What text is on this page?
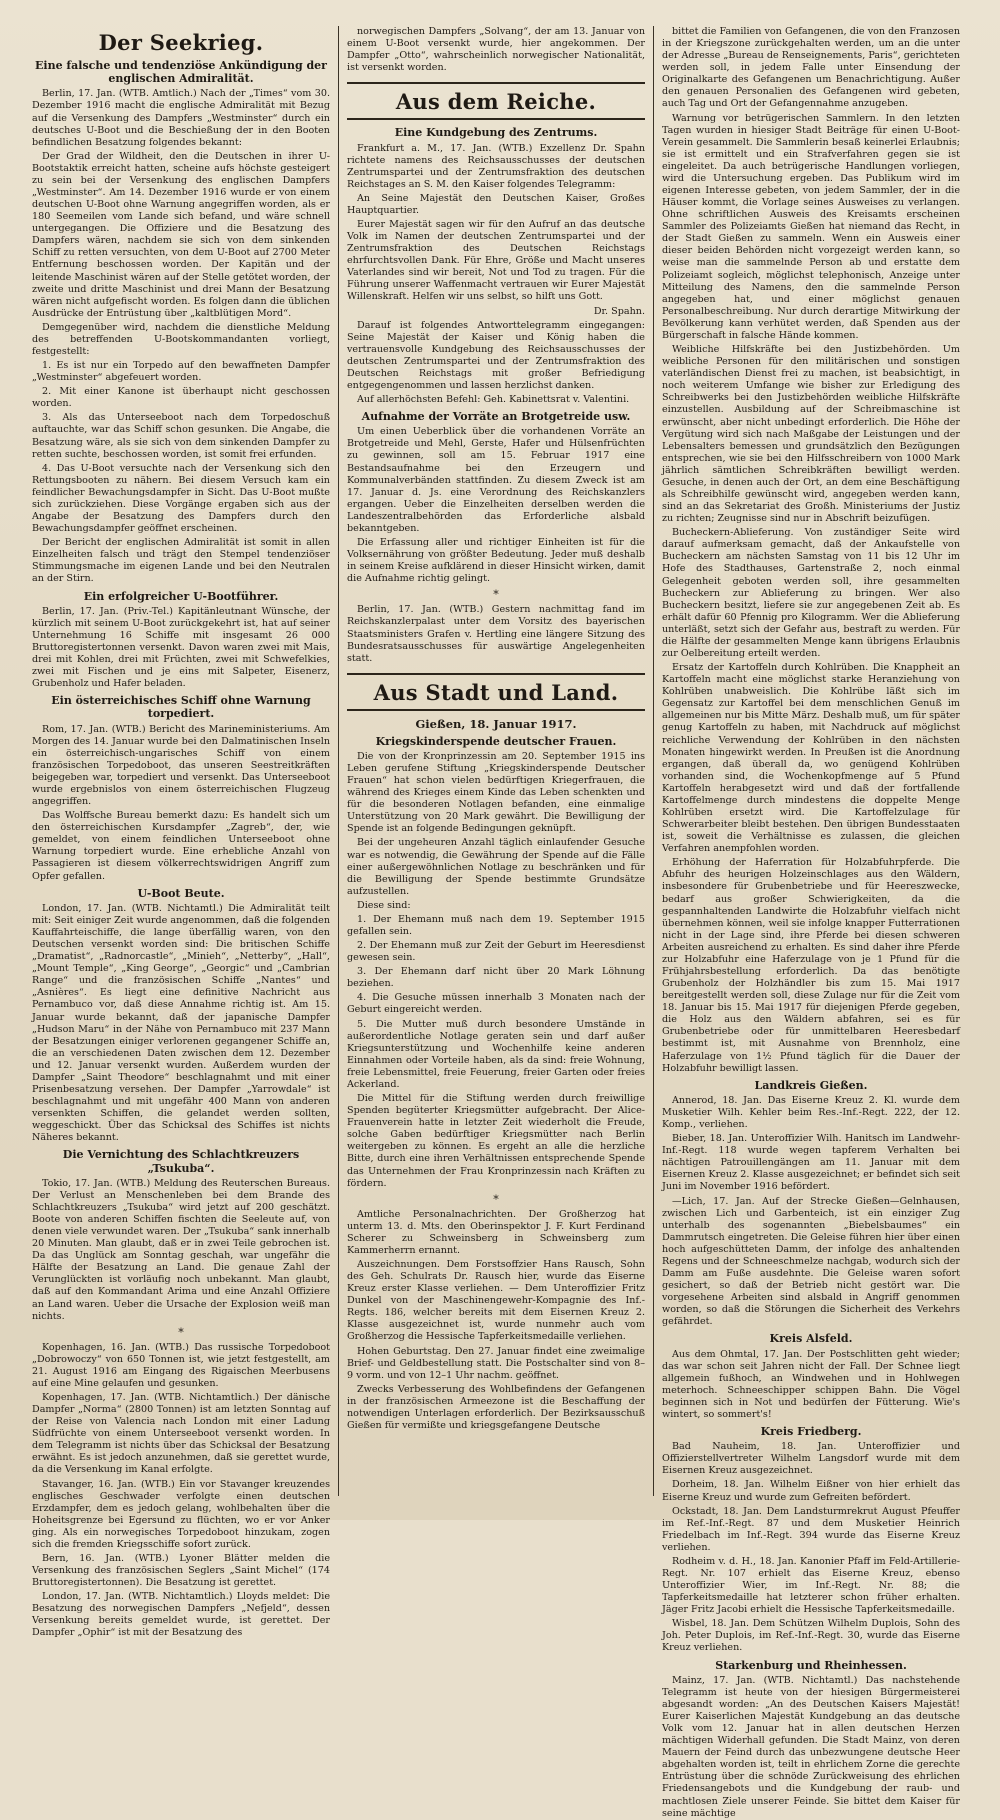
Der Seekrieg.
Eine falsche und tendenziöse Ankündigung der englischen Admiralität.

Berlin, 17. Jan. (WTB. Amtlich.) Nach der „Times“ vom 30. Dezember 1916 macht die englische Admiralität mit Bezug auf die Versenkung des Dampfers „Westminster“ durch ein deutsches U-Boot und die Beschießung der in den Booten befindlichen Besatzung folgendes bekannt:

Der Grad der Wildheit, den die Deutschen in ihrer U-Bootstaktik erreicht hatten, scheine aufs höchste gesteigert zu sein bei der Versenkung des englischen Dampfers „Westminster“. Am 14. Dezember 1916 wurde er von einem deutschen U-Boot ohne Warnung angegriffen worden, als er 180 Seemeilen vom Lande sich befand, und wäre schnell untergegangen. Die Offiziere und die Besatzung des Dampfers wären, nachdem sie sich von dem sinkenden Schiff zu retten versuchten, von dem U-Boot auf 2700 Meter Entfernung beschossen worden. Der Kapitän und der leitende Maschinist wären auf der Stelle getötet worden, der zweite und dritte Maschinist und drei Mann der Besatzung wären nicht aufgefischt worden. Es folgen dann die üblichen Ausdrücke der Entrüstung über „kaltblütigen Mord“.

Demgegenüber wird, nachdem die dienstliche Meldung des betreffenden U-Bootskommandanten vorliegt, festgestellt:

1. Es ist nur ein Torpedo auf den bewaffneten Dampfer „Westminster“ abgefeuert worden.

2. Mit einer Kanone ist überhaupt nicht geschossen worden.

3. Als das Unterseeboot nach dem Torpedoschuß auftauchte, war das Schiff schon gesunken. Die Angabe, die Besatzung wäre, als sie sich von dem sinkenden Dampfer zu retten suchte, beschossen worden, ist somit frei erfunden.

4. Das U-Boot versuchte nach der Versenkung sich den Rettungsbooten zu nähern. Bei diesem Versuch kam ein feindlicher Bewachungsdampfer in Sicht. Das U-Boot mußte sich zurückziehen. Diese Vorgänge ergaben sich aus der Angabe der Besatzung des Dampfers durch den Bewachungsdampfer geöffnet erscheinen.

Der Bericht der englischen Admiralität ist somit in allen Einzelheiten falsch und trägt den Stempel tendenziöser Stimmungsmache im eigenen Lande und bei den Neutralen an der Stirn.

Ein erfolgreicher U-Bootführer.

Berlin, 17. Jan. (Priv.-Tel.) Kapitänleutnant Wünsche, der kürzlich mit seinem U-Boot zurückgekehrt ist, hat auf seiner Unternehmung 16 Schiffe mit insgesamt 26 000 Bruttoregistertonnen versenkt. Davon waren zwei mit Mais, drei mit Kohlen, drei mit Früchten, zwei mit Schwefelkies, zwei mit Fischen und je eins mit Salpeter, Eisenerz, Grubenholz und Hafer beladen.

Ein österreichisches Schiff ohne Warnung torpediert.

Rom, 17. Jan. (WTB.) Bericht des Marineministeriums. Am Morgen des 14. Januar wurde bei den Dalmatinischen Inseln ein österreichisch-ungarisches Schiff von einem französischen Torpedoboot, das unseren Seestreitkräften beigegeben war, torpediert und versenkt. Das Unterseeboot wurde ergebnislos von einem österreichischen Flugzeug angegriffen.

Das Wolffsche Bureau bemerkt dazu: Es handelt sich um den österreichischen Kursdampfer „Zagreb“, der, wie gemeldet, von einem feindlichen Unterseeboot ohne Warnung torpediert wurde. Eine erhebliche Anzahl von Passagieren ist diesem völkerrechtswidrigen Angriff zum Opfer gefallen.

U-Boot Beute.

London, 17. Jan. (WTB. Nichtamtl.) Die Admiralität teilt mit: Seit einiger Zeit wurde angenommen, daß die folgenden Kauffahrteischiffe, die lange überfällig waren, von den Deutschen versenkt worden sind: Die britischen Schiffe „Dramatist“, „Radnorcastle“, „Minieh“, „Netterby“, „Hall“, „Mount Temple“, „King George“, „Georgic“ und „Cambrian Range“ und die französischen Schiffe „Nantes“ und „Asnières“. Es liegt eine definitive Nachricht aus Pernambuco vor, daß diese Annahme richtig ist. Am 15. Januar wurde bekannt, daß der japanische Dampfer „Hudson Maru“ in der Nähe von Pernambuco mit 237 Mann der Besatzungen einiger verlorenen gegangener Schiffe an, die an verschiedenen Daten zwischen dem 12. Dezember und 12. Januar versenkt wurden. Außerdem wurden der Dampfer „Saint Theodore“ beschlagnahmt und mit einer Prisenbesatzung versehen. Der Dampfer „Yarrowdale“ ist beschlagnahmt und mit ungefähr 400 Mann von anderen versenkten Schiffen, die gelandet werden sollten, weggeschickt. Über das Schicksal des Schiffes ist nichts Näheres bekannt.

Die Vernichtung des Schlachtkreuzers „Tsukuba“.

Tokio, 17. Jan. (WTB.) Meldung des Reuterschen Bureaus. Der Verlust an Menschenleben bei dem Brande des Schlachtkreuzers „Tsukuba“ wird jetzt auf 200 geschätzt. Boote von anderen Schiffen fischten die Seeleute auf, von denen viele verwundet waren. Der „Tsukuba“ sank innerhalb 20 Minuten. Man glaubt, daß er in zwei Teile gebrochen ist. Da das Unglück am Sonntag geschah, war ungefähr die Hälfte der Besatzung an Land. Die genaue Zahl der Verunglückten ist vorläufig noch unbekannt. Man glaubt, daß auf den Kommandant Arima und eine Anzahl Offiziere an Land waren. Ueber die Ursache der Explosion weiß man nichts.

*

Kopenhagen, 16. Jan. (WTB.) Das russische Torpedoboot „Dobrowoczy“ von 650 Tonnen ist, wie jetzt festgestellt, am 21. August 1916 am Eingang des Rigaischen Meerbusens auf eine Mine gelaufen und gesunken.

Kopenhagen, 17. Jan. (WTB. Nichtamtlich.) Der dänische Dampfer „Norma“ (2800 Tonnen) ist am letzten Sonntag auf der Reise von Valencia nach London mit einer Ladung Südfrüchte von einem Unterseeboot versenkt worden. In dem Telegramm ist nichts über das Schicksal der Besatzung erwähnt. Es ist jedoch anzunehmen, daß sie gerettet wurde, da die Versenkung im Kanal erfolgte.

Stavanger, 16. Jan. (WTB.) Ein vor Stavanger kreuzendes englisches Geschwader verfolgte einen deutschen Erzdampfer, dem es jedoch gelang, wohlbehalten über die Hoheitsgrenze bei Egersund zu flüchten, wo er vor Anker ging. Als ein norwegisches Torpedoboot hinzukam, zogen sich die fremden Kriegsschiffe sofort zurück.

Bern, 16. Jan. (WTB.) Lyoner Blätter melden die Versenkung des französischen Seglers „Saint Michel“ (174 Bruttoregistertonnen). Die Besatzung ist gerettet.

London, 17. Jan. (WTB. Nichtamtlich.) Lloyds meldet: Die Besatzung des norwegischen Dampfers „Nefjeld“, dessen Versenkung bereits gemeldet wurde, ist gerettet. Der Dampfer „Ophir“ ist mit der Besatzung des

norwegischen Dampfers „Solvang“, der am 13. Januar von einem U-Boot versenkt wurde, hier angekommen. Der Dampfer „Otto“, wahrscheinlich norwegischer Nationalität, ist versenkt worden.

Aus dem Reiche.
Eine Kundgebung des Zentrums.

Frankfurt a. M., 17. Jan. (WTB.) Exzellenz Dr. Spahn richtete namens des Reichsausschusses der deutschen Zentrumspartei und der Zentrumsfraktion des deutschen Reichstages an S. M. den Kaiser folgendes Telegramm:

An Seine Majestät den Deutschen Kaiser, Großes Hauptquartier.

Eurer Majestät sagen wir für den Aufruf an das deutsche Volk im Namen der deutschen Zentrumspartei und der Zentrumsfraktion des Deutschen Reichstags ehrfurchtsvollen Dank. Für Ehre, Größe und Macht unseres Vaterlandes sind wir bereit, Not und Tod zu tragen. Für die Führung unserer Waffenmacht vertrauen wir Eurer Majestät Willenskraft. Helfen wir uns selbst, so hilft uns Gott.

Dr. Spahn.

Darauf ist folgendes Antworttelegramm eingegangen: Seine Majestät der Kaiser und König haben die vertrauensvolle Kundgebung des Reichsausschusses der deutschen Zentrumspartei und der Zentrumsfraktion des Deutschen Reichstags mit großer Befriedigung entgegengenommen und lassen herzlichst danken.

Auf allerhöchsten Befehl: Geh. Kabinettsrat v. Valentini.

Aufnahme der Vorräte an Brotgetreide usw.

Um einen Ueberblick über die vorhandenen Vorräte an Brotgetreide und Mehl, Gerste, Hafer und Hülsenfrüchten zu gewinnen, soll am 15. Februar 1917 eine Bestandsaufnahme bei den Erzeugern und Kommunalverbänden stattfinden. Zu diesem Zweck ist am 17. Januar d. Js. eine Verordnung des Reichskanzlers ergangen. Ueber die Einzelheiten derselben werden die Landeszentralbehörden das Erforderliche alsbald bekanntgeben.

Die Erfassung aller und richtiger Einheiten ist für die Volksernährung von größter Bedeutung. Jeder muß deshalb in seinem Kreise aufklärend in dieser Hinsicht wirken, damit die Aufnahme richtig gelingt.

*

Berlin, 17. Jan. (WTB.) Gestern nachmittag fand im Reichskanzlerpalast unter dem Vorsitz des bayerischen Staatsministers Grafen v. Hertling eine längere Sitzung des Bundesratsausschusses für auswärtige Angelegenheiten statt.

Aus Stadt und Land.
Gießen, 18. Januar 1917.
Kriegskinderspende deutscher Frauen.

Die von der Kronprinzessin am 20. September 1915 ins Leben gerufene Stiftung „Kriegskinderspende Deutscher Frauen“ hat schon vielen bedürftigen Kriegerfrauen, die während des Krieges einem Kinde das Leben schenkten und für die besonderen Notlagen befanden, eine einmalige Unterstützung von 20 Mark gewährt. Die Bewilligung der Spende ist an folgende Bedingungen geknüpft.

Bei der ungeheuren Anzahl täglich einlaufender Gesuche war es notwendig, die Gewährung der Spende auf die Fälle einer außergewöhnlichen Notlage zu beschränken und für die Bewilligung der Spende bestimmte Grundsätze aufzustellen.

Diese sind:

1. Der Ehemann muß nach dem 19. September 1915 gefallen sein.

2. Der Ehemann muß zur Zeit der Geburt im Heeresdienst gewesen sein.

3. Der Ehemann darf nicht über 20 Mark Löhnung beziehen.

4. Die Gesuche müssen innerhalb 3 Monaten nach der Geburt eingereicht werden.

5. Die Mutter muß durch besondere Umstände in außerordentliche Notlage geraten sein und darf außer Kriegsunterstützung und Wochenhilfe keine anderen Einnahmen oder Vorteile haben, als da sind: freie Wohnung, freie Lebensmittel, freie Feuerung, freier Garten oder freies Ackerland.

Die Mittel für die Stiftung werden durch freiwillige Spenden begüterter Kriegsmütter aufgebracht. Der Alice-Frauenverein hatte in letzter Zeit wiederholt die Freude, solche Gaben bedürftiger Kriegsmütter nach Berlin weitergeben zu können. Es ergeht an alle die herzliche Bitte, durch eine ihren Verhältnissen entsprechende Spende das Unternehmen der Frau Kronprinzessin nach Kräften zu fördern.

*

Amtliche Personalnachrichten. Der Großherzog hat unterm 13. d. Mts. den Oberinspektor J. F. Kurt Ferdinand Scherer zu Schweinsberg in Schweinsberg zum Kammerherrn ernannt.

Auszeichnungen. Dem Forstsoffzier Hans Rausch, Sohn des Geh. Schulrats Dr. Rausch hier, wurde das Eiserne Kreuz erster Klasse verliehen. — Dem Unteroffizier Fritz Dunkel von der Maschinengewehr-Kompagnie des Inf.-Regts. 186, welcher bereits mit dem Eisernen Kreuz 2. Klasse ausgezeichnet ist, wurde nunmehr auch vom Großherzog die Hessische Tapferkeitsmedaille verliehen.

Hohen Geburtstag. Den 27. Januar findet eine zweimalige Brief- und Geldbestellung statt. Die Postschalter sind von 8–9 vorm. und von 12–1 Uhr nachm. geöffnet.

Zwecks Verbesserung des Wohlbefindens der Gefangenen in der französischen Armeezone ist die Beschaffung der notwendigen Unterlagen erforderlich. Der Bezirksausschuß Gießen für vermißte und kriegsgefangene Deutsche

bittet die Familien von Gefangenen, die von den Franzosen in der Kriegszone zurückgehalten werden, um an die unter der Adresse „Bureau de Renseignements, Paris“, gerichteten werden soll, in jedem Falle unter Einsendung der Originalkarte des Gefangenen um Benachrichtigung. Außer den genauen Personalien des Gefangenen wird gebeten, auch Tag und Ort der Gefangennahme anzugeben.

Warnung vor betrügerischen Sammlern. In den letzten Tagen wurden in hiesiger Stadt Beiträge für einen U-Boot-Verein gesammelt. Die Sammlerin besaß keinerlei Erlaubnis; sie ist ermittelt und ein Strafverfahren gegen sie ist eingeleitet. Da auch betrügerische Handlungen vorliegen, wird die Untersuchung ergeben. Das Publikum wird im eigenen Interesse gebeten, von jedem Sammler, der in die Häuser kommt, die Vorlage seines Ausweises zu verlangen. Ohne schriftlichen Ausweis des Kreisamts erscheinen Sammler des Polizeiamts Gießen hat niemand das Recht, in der Stadt Gießen zu sammeln. Wenn ein Ausweis einer dieser beiden Behörden nicht vorgezeigt werden kann, so weise man die sammelnde Person ab und erstatte dem Polizeiamt sogleich, möglichst telephonisch, Anzeige unter Mitteilung des Namens, den die sammelnde Person angegeben hat, und einer möglichst genauen Personalbeschreibung. Nur durch derartige Mitwirkung der Bevölkerung kann verhütet werden, daß Spenden aus der Bürgerschaft in falsche Hände kommen.

Weibliche Hilfskräfte bei den Justizbehörden. Um weibliche Personen für den militärischen und sonstigen vaterländischen Dienst frei zu machen, ist beabsichtigt, in noch weiterem Umfange wie bisher zur Erledigung des Schreibwerks bei den Justizbehörden weibliche Hilfskräfte einzustellen. Ausbildung auf der Schreibmaschine ist erwünscht, aber nicht unbedingt erforderlich. Die Höhe der Vergütung wird sich nach Maßgabe der Leistungen und der Lebensalters bemessen und grundsätzlich den Bezügungen entsprechen, wie sie bei den Hilfsschreibern von 1000 Mark jährlich sämtlichen Schreibkräften bewilligt werden. Gesuche, in denen auch der Ort, an dem eine Beschäftigung als Schreibhilfe gewünscht wird, angegeben werden kann, sind an das Sekretariat des Großh. Ministeriums der Justiz zu richten; Zeugnisse sind nur in Abschrift beizufügen.

Bucheckern-Ablieferung. Von zuständiger Seite wird darauf aufmerksam gemacht, daß der Ankaufstelle von Bucheckern am nächsten Samstag von 11 bis 12 Uhr im Hofe des Stadthauses, Gartenstraße 2, noch einmal Gelegenheit geboten werden soll, ihre gesammelten Bucheckern zur Ablieferung zu bringen. Wer also Bucheckern besitzt, liefere sie zur angegebenen Zeit ab. Es erhält dafür 60 Pfennig pro Kilogramm. Wer die Ablieferung unterläßt, setzt sich der Gefahr aus, bestraft zu werden. Für die Hälfte der gesammelten Menge kann übrigens Erlaubnis zur Oelbereitung erteilt werden.

Ersatz der Kartoffeln durch Kohlrüben. Die Knappheit an Kartoffeln macht eine möglichst starke Heranziehung von Kohlrüben unabweislich. Die Kohlrübe läßt sich im Gegensatz zur Kartoffel bei dem menschlichen Genuß im allgemeinen nur bis Mitte März. Deshalb muß, um für später genug Kartoffeln zu haben, mit Nachdruck auf möglichst reichliche Verwendung der Kohlrüben in den nächsten Monaten hingewirkt werden. In Preußen ist die Anordnung ergangen, daß überall da, wo genügend Kohlrüben vorhanden sind, die Wochenkopfmenge auf 5 Pfund Kartoffeln herabgesetzt wird und daß der fortfallende Kartoffelmenge durch mindestens die doppelte Menge Kohlrüben ersetzt wird. Die Kartoffelzulage für Schwerarbeiter bleibt bestehen. Den übrigen Bundesstaaten ist, soweit die Verhältnisse es zulassen, die gleichen Verfahren anempfohlen worden.

Erhöhung der Haferration für Holzabfuhrpferde. Die Abfuhr des heurigen Holzeinschlages aus den Wäldern, insbesondere für Grubenbetriebe und für Heereszwecke, bedarf aus großer Schwierigkeiten, da die gespannhaltenden Landwirte die Holzabfuhr vielfach nicht übernehmen können, weil sie infolge knapper Futterrationen nicht in der Lage sind, ihre Pferde bei diesen schweren Arbeiten ausreichend zu erhalten. Es sind daher ihre Pferde zur Holzabfuhr eine Haferzulage von je 1 Pfund für die Frühjahrsbestellung erforderlich. Da das benötigte Grubenholz der Holzhändler bis zum 15. Mai 1917 bereitgestellt werden soll, diese Zulage nur für die Zeit vom 18. Januar bis 15. Mai 1917 für diejenigen Pferde gegeben, die Holz aus den Wäldern abfahren, sei es für Grubenbetriebe oder für unmittelbaren Heeresbedarf bestimmt ist, mit Ausnahme von Brennholz, eine Haferzulage von 1½ Pfund täglich für die Dauer der Holzabfuhr bewilligt lassen.

Landkreis Gießen.

Annerod, 18. Jan. Das Eiserne Kreuz 2. Kl. wurde dem Musketier Wilh. Kehler beim Res.-Inf.-Regt. 222, der 12. Komp., verliehen.

Bieber, 18. Jan. Unteroffizier Wilh. Hanitsch im Landwehr-Inf.-Regt. 118 wurde wegen tapferem Verhalten bei nächtigen Patrouillengängen am 11. Januar mit dem Eisernen Kreuz 2. Klasse ausgezeichnet; er befindet sich seit Juni im November 1916 befördert.

—Lich, 17. Jan. Auf der Strecke Gießen—Gelnhausen, zwischen Lich und Garbenteich, ist ein einziger Zug unterhalb des sogenannten „Biebelsbaumes“ ein Dammrutsch eingetreten. Die Geleise führen hier über einen hoch aufgeschütteten Damm, der infolge des anhaltenden Regens und der Schneeschmelze nachgab, wodurch sich der Damm am Fuße ausdehnte. Die Geleise waren sofort gesichert, so daß der Betrieb nicht gestört war. Die vorgesehene Arbeiten sind alsbald in Angriff genommen worden, so daß die Störungen die Sicherheit des Verkehrs gefährdet.

Kreis Alsfeld.

Aus dem Ohmtal, 17. Jan. Der Postschlitten geht wieder; das war schon seit Jahren nicht der Fall. Der Schnee liegt allgemein fußhoch, an Windwehen und in Hohlwegen meterhoch. Schneeschipper schippen Bahn. Die Vögel beginnen sich in Not und bedürfen der Fütterung. Wie's wintert, so sommert's!

Kreis Friedberg.

Bad Nauheim, 18. Jan. Unteroffizier und Offizierstellvertreter Wilhelm Langsdorf wurde mit dem Eisernen Kreuz ausgezeichnet.

Dorheim, 18. Jan. Wilhelm Eißner von hier erhielt das Eiserne Kreuz und wurde zum Gefreiten befördert.

Ockstadt, 18. Jan. Dem Landsturmrekrut August Pfeuffer im Ref.-Inf.-Regt. 87 und dem Musketier Heinrich Friedelbach im Inf.-Regt. 394 wurde das Eiserne Kreuz verliehen.

Rodheim v. d. H., 18. Jan. Kanonier Pfaff im Feld-Artillerie-Regt. Nr. 107 erhielt das Eiserne Kreuz, ebenso Unteroffizier Wier, im Inf.-Regt. Nr. 88; die Tapferkeitsmedaille hat letzterer schon früher erhalten. Jäger Fritz Jacobi erhielt die Hessische Tapferkeitsmedaille.

Wisbel, 18. Jan. Dem Schützen Wilhelm Duplois, Sohn des Joh. Peter Duplois, im Ref.-Inf.-Regt. 30, wurde das Eiserne Kreuz verliehen.

Starkenburg und Rheinhessen.

Mainz, 17. Jan. (WTB. Nichtamtl.) Das nachstehende Telegramm ist heute von der hiesigen Bürgermeisterei abgesandt worden: „An des Deutschen Kaisers Majestät! Eurer Kaiserlichen Majestät Kundgebung an das deutsche Volk vom 12. Januar hat in allen deutschen Herzen mächtigen Widerhall gefunden. Die Stadt Mainz, von deren Mauern der Feind durch das unbezwungene deutsche Heer abgehalten worden ist, teilt in ehrlichem Zorne die gerechte Entrüstung über die schnöde Zurückweisung des ehrlichen Friedensangebots und die Kundgebung der raub- und machtlosen Ziele unserer Feinde. Sie bittet dem Kaiser für seine mächtige
